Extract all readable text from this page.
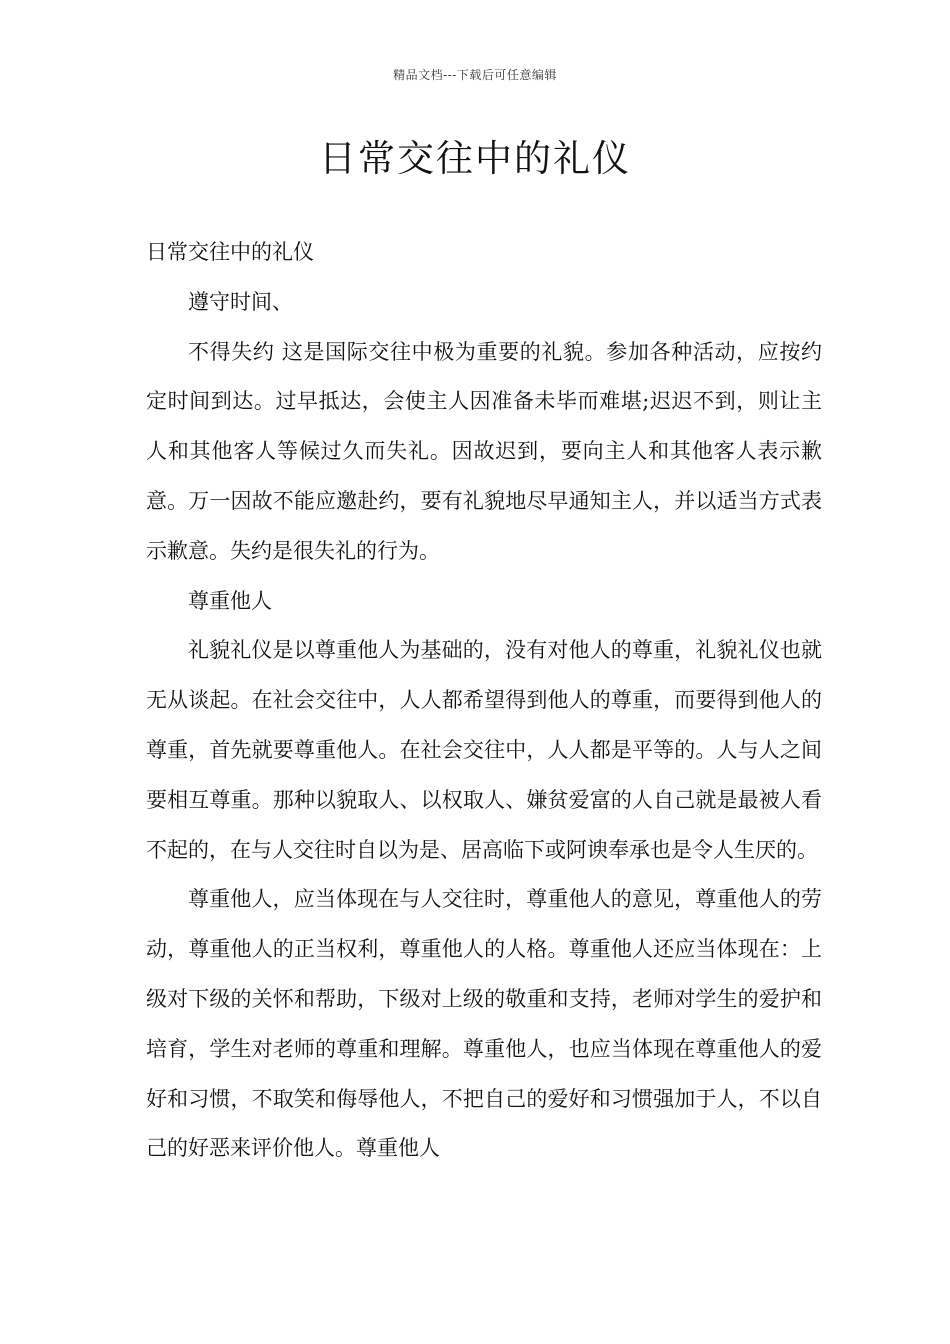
精品文档---下载后可任意编辑
日常交往中的礼仪

日常交往中的礼仪

遵守时间、

不得失约 这是国际交往中极为重要的礼貌。参加各种活动，应按约定时间到达。过早抵达，会使主人因准备未毕而难堪;迟迟不到，则让主人和其他客人等候过久而失礼。因故迟到，要向主人和其他客人表示歉意。万一因故不能应邀赴约，要有礼貌地尽早通知主人，并以适当方式表示歉意。失约是很失礼的行为。

尊重他人

礼貌礼仪是以尊重他人为基础的，没有对他人的尊重，礼貌礼仪也就无从谈起。在社会交往中，人人都希望得到他人的尊重，而要得到他人的尊重，首先就要尊重他人。在社会交往中，人人都是平等的。人与人之间要相互尊重。那种以貌取人、以权取人、嫌贫爱富的人自己就是最被人看不起的，在与人交往时自以为是、居高临下或阿谀奉承也是令人生厌的。

尊重他人，应当体现在与人交往时，尊重他人的意见，尊重他人的劳动，尊重他人的正当权利，尊重他人的人格。尊重他人还应当体现在：上级对下级的关怀和帮助，下级对上级的敬重和支持，老师对学生的爱护和培育，学生对老师的尊重和理解。尊重他人，也应当体现在尊重他人的爱好和习惯，不取笑和侮辱他人，不把自己的爱好和习惯强加于人，不以自己的好恶来评价他人。尊重他人
